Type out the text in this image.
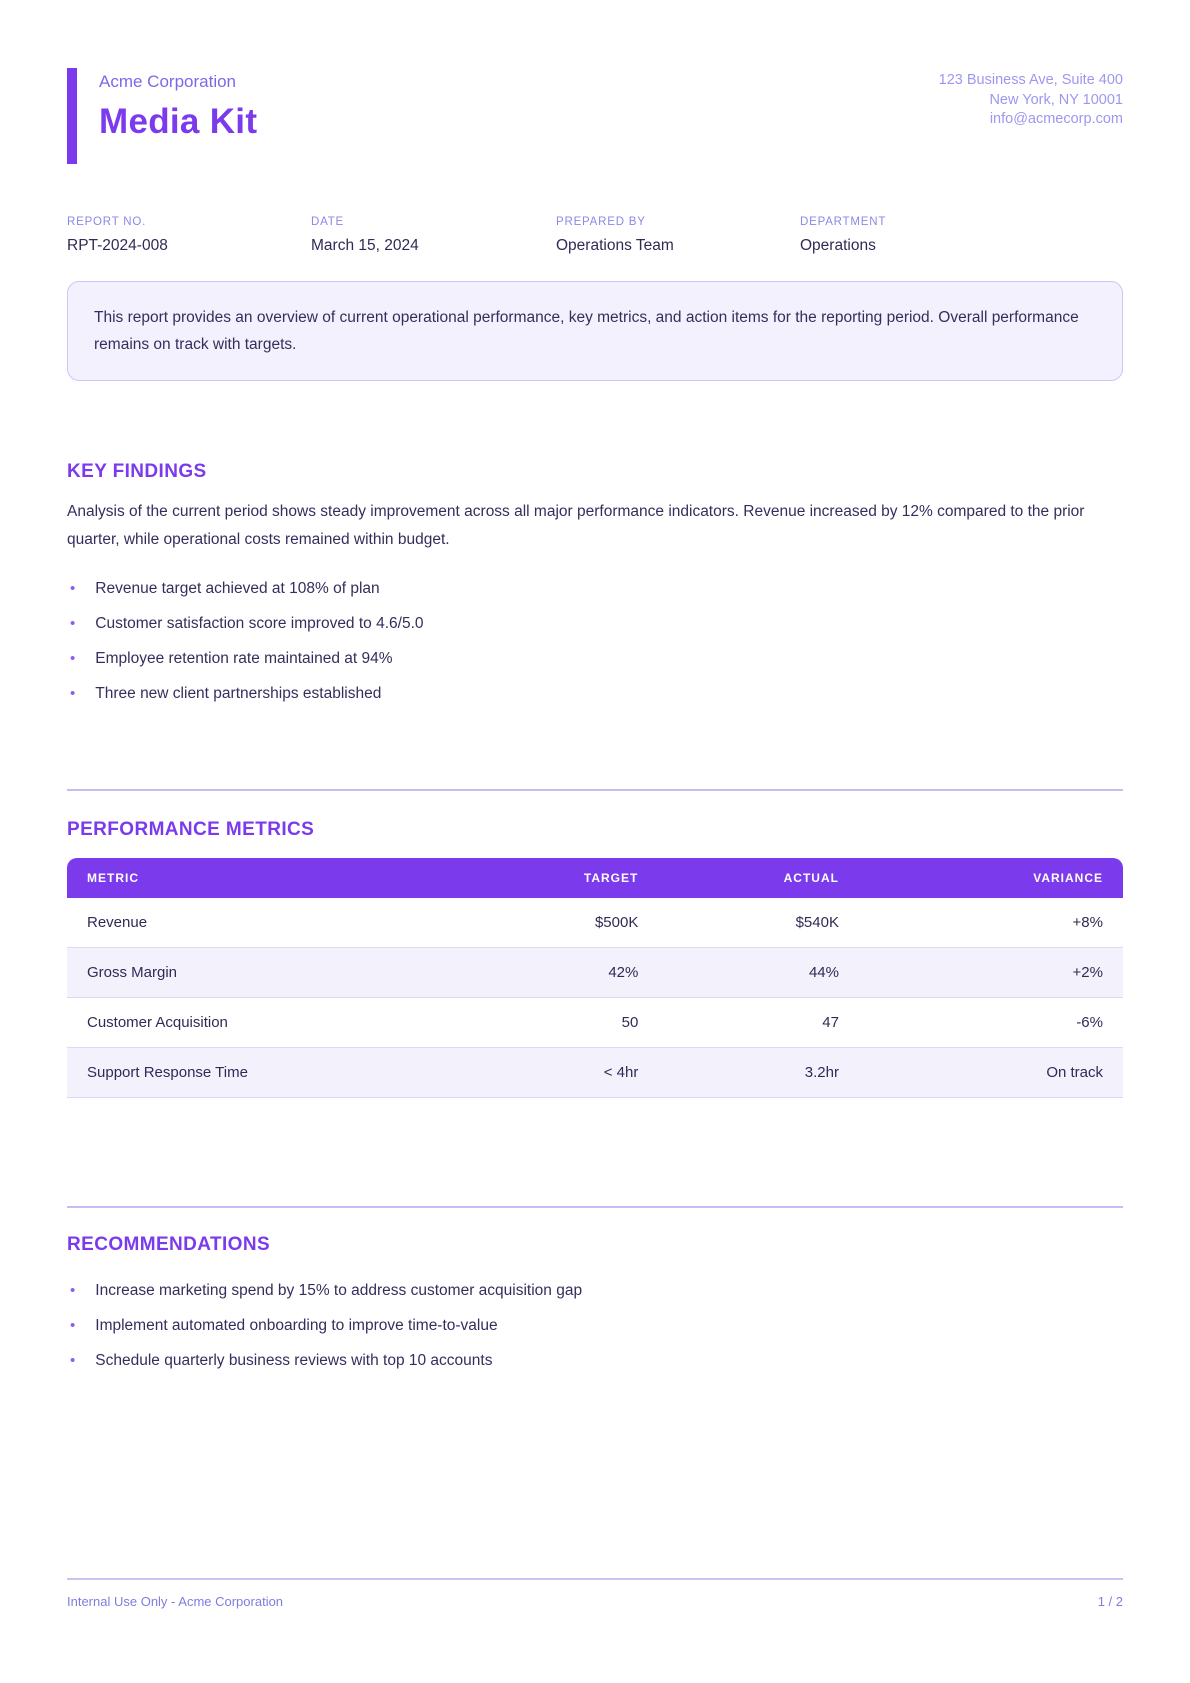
Acme Corporation
Media Kit
123 Business Ave, Suite 400
New York, NY 10001
info@acmecorp.com
REPORT NO.
RPT-2024-008
DATE
March 15, 2024
PREPARED BY
Operations Team
DEPARTMENT
Operations
This report provides an overview of current operational performance, key metrics, and action items for the reporting period. Overall performance remains on track with targets.
KEY FINDINGS

Analysis of the current period shows steady improvement across all major performance indicators. Revenue increased by 12% compared to the prior quarter, while operational costs remained within budget.

• Revenue target achieved at 108% of plan
• Customer satisfaction score improved to 4.6/5.0
• Employee retention rate maintained at 94%
• Three new client partnerships established
PERFORMANCE METRICS
METRIC	TARGET	ACTUAL	VARIANCE
Revenue	$500K	$540K	+8%
Gross Margin	42%	44%	+2%
Customer Acquisition	50	47	-6%
Support Response Time	< 4hr	3.2hr	On track
RECOMMENDATIONS
• Increase marketing spend by 15% to address customer acquisition gap
• Implement automated onboarding to improve time-to-value
• Schedule quarterly business reviews with top 10 accounts
Internal Use Only - Acme Corporation	1 / 2
